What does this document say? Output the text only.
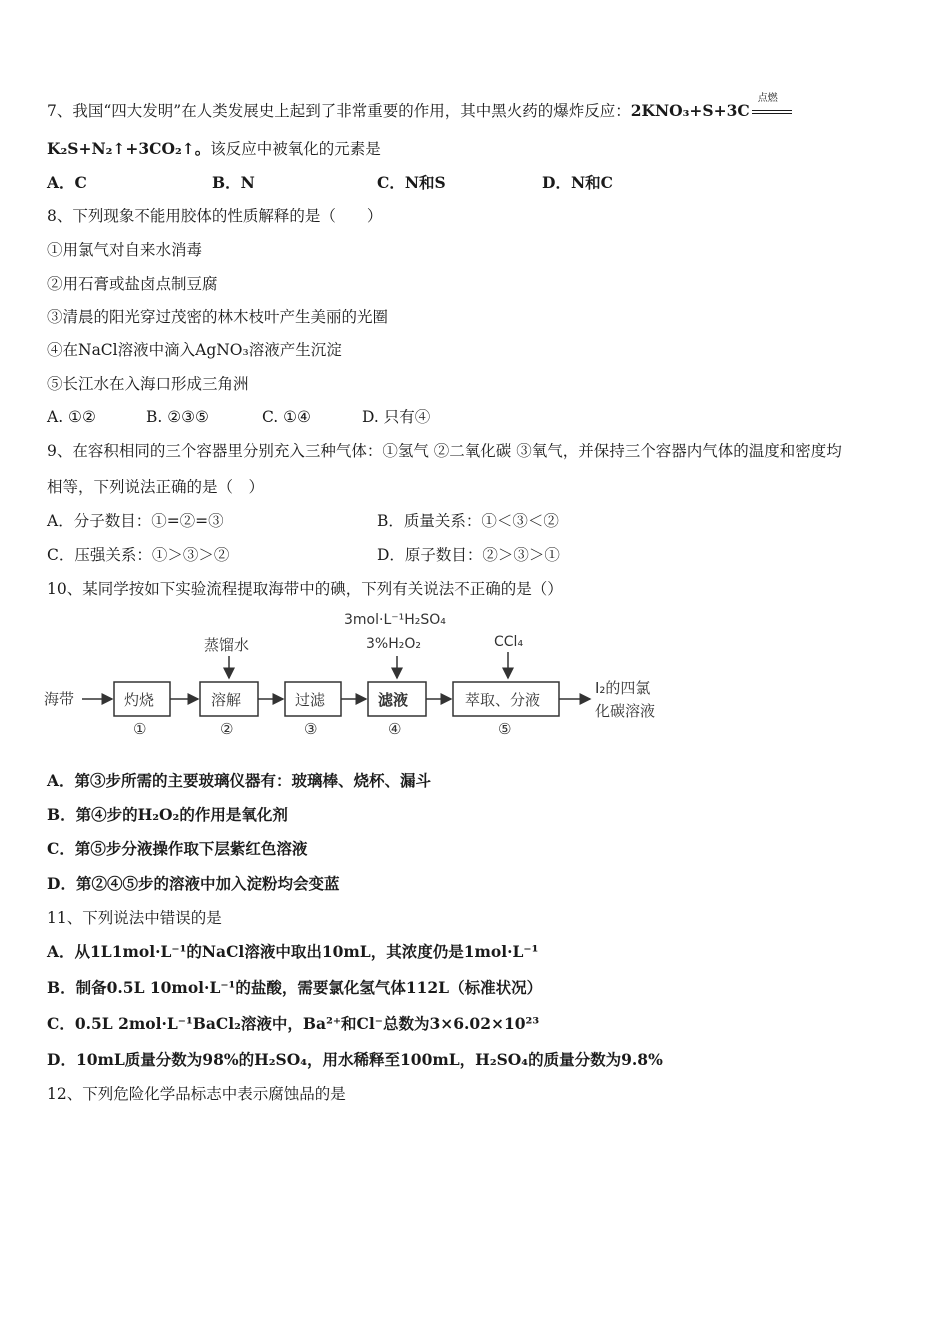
7、我国“四大发明”在人类发展史上起到了非常重要的作用，其中黑火药的爆炸反应：2KNO₃+S+3C
点燃
K₂S+N₂↑+3CO₂↑。该反应中被氧化的元素是
A．C	B．N	C．N和S	D．N和C
8、下列现象不能用胶体的性质解释的是（　　）
①用氯气对自来水消毒
②用石膏或盐卤点制豆腐
③清晨的阳光穿过茂密的林木枝叶产生美丽的光圈
④在NaCl溶液中滴入AgNO₃溶液产生沉淀
⑤长江水在入海口形成三角洲
A. ①②	B. ②③⑤	C. ①④	D. 只有④
9、在容积相同的三个容器里分别充入三种气体：①氢气 ②二氧化碳 ③氧气，并保持三个容器内气体的温度和密度均
相等，下列说法正确的是（　）
A．分子数目：①=②=③	B．质量关系：①＜③＜②
C．压强关系：①＞③＞②	D．原子数目：②＞③＞①
10、某同学按如下实验流程提取海带中的碘，下列有关说法不正确的是（）
海带	灼烧
①
溶解
②
蒸馏水
过滤
③
滤液
④
3mol·L⁻¹H₂SO₄
3%H₂O₂
萃取、分液
⑤
CCl₄
I₂的四氯
化碳溶液
A．第③步所需的主要玻璃仪器有：玻璃棒、烧杯、漏斗
B．第④步的H₂O₂的作用是氧化剂
C．第⑤步分液操作取下层紫红色溶液
D．第②④⑤步的溶液中加入淀粉均会变蓝
11、下列说法中错误的是
A．从1L1mol·L⁻¹的NaCl溶液中取出10mL，其浓度仍是1mol·L⁻¹
B．制备0.5L 10mol·L⁻¹的盐酸，需要氯化氢气体112L（标准状况）
C．0.5L 2mol·L⁻¹BaCl₂溶液中，Ba²⁺和Cl⁻总数为3×6.02×10²³
D．10mL质量分数为98%的H₂SO₄，用水稀释至100mL，H₂SO₄的质量分数为9.8%
12、下列危险化学品标志中表示腐蚀品的是
